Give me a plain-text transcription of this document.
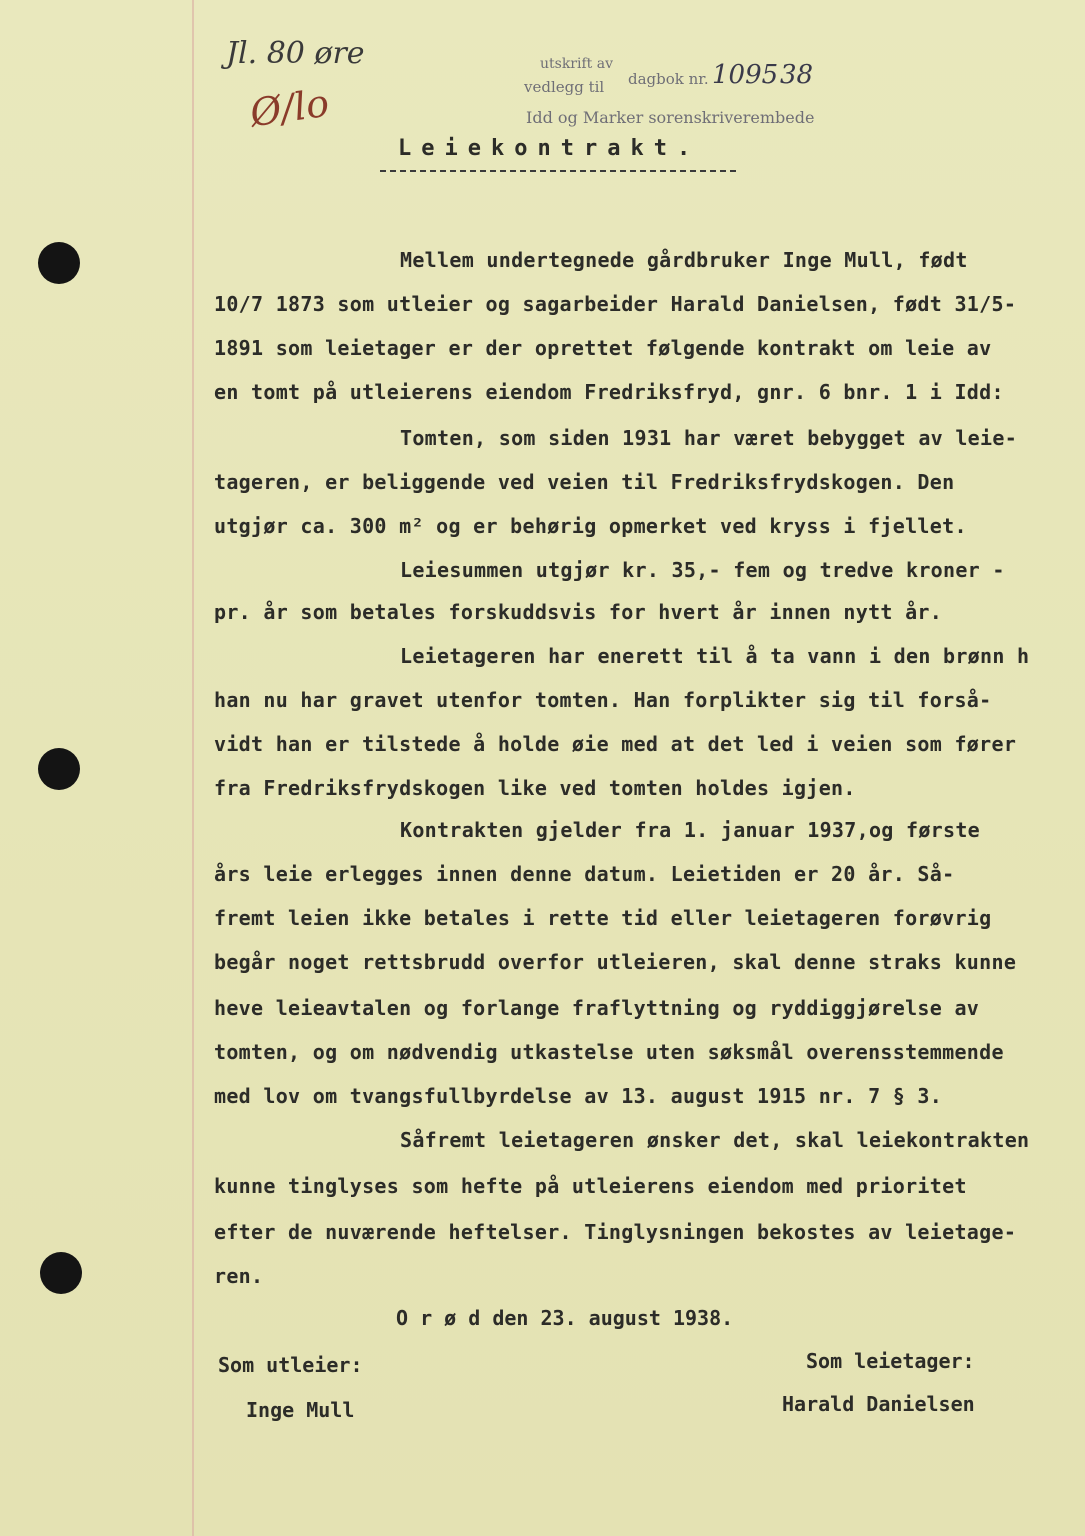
Jl. 80 øre
Ø/lo
utskrift av
vedlegg til dagbok nr. 1095 38
Idd og Marker sorenskriverembede
Leiekontrakt.
Mellem undertegnede gårdbruker Inge Mull, født
10/7 1873 som utleier og sagarbeider Harald Danielsen, født 31/5-
1891 som leietager er der oprettet følgende kontrakt om leie av
en tomt på utleierens eiendom Fredriksfryd, gnr. 6 bnr. 1 i Idd:
Tomten, som siden 1931 har været bebygget av leie-
tageren, er beliggende ved veien til Fredriksfrydskogen. Den
utgjør ca. 300 m² og er behørig opmerket ved kryss i fjellet.
Leiesummen utgjør kr. 35,- fem og tredve kroner -
pr. år som betales forskuddsvis for hvert år innen nytt år.
Leietageren har enerett til å ta vann i den brønn h
han nu har gravet utenfor tomten. Han forplikter sig til forså-
vidt han er tilstede å holde øie med at det led i veien som fører
fra Fredriksfrydskogen like ved tomten holdes igjen.
Kontrakten gjelder fra 1. januar 1937,og første
års leie erlegges innen denne datum. Leietiden er 20 år. Så-
fremt leien ikke betales i rette tid eller leietageren forøvrig
begår noget rettsbrudd overfor utleieren, skal denne straks kunne
heve leieavtalen og forlange fraflyttning og ryddiggjørelse av
tomten, og om nødvendig utkastelse uten søksmål overensstemmende
med lov om tvangsfullbyrdelse av 13. august 1915 nr. 7 § 3.
Såfremt leietageren ønsker det, skal leiekontrakten
kunne tinglyses som hefte på utleierens eiendom med prioritet
efter de nuværende heftelser. Tinglysningen bekostes av leietage-
ren.
O r ø d den 23. august 1938.
Som utleier:
Inge Mull
Som leietager:
Harald Danielsen
